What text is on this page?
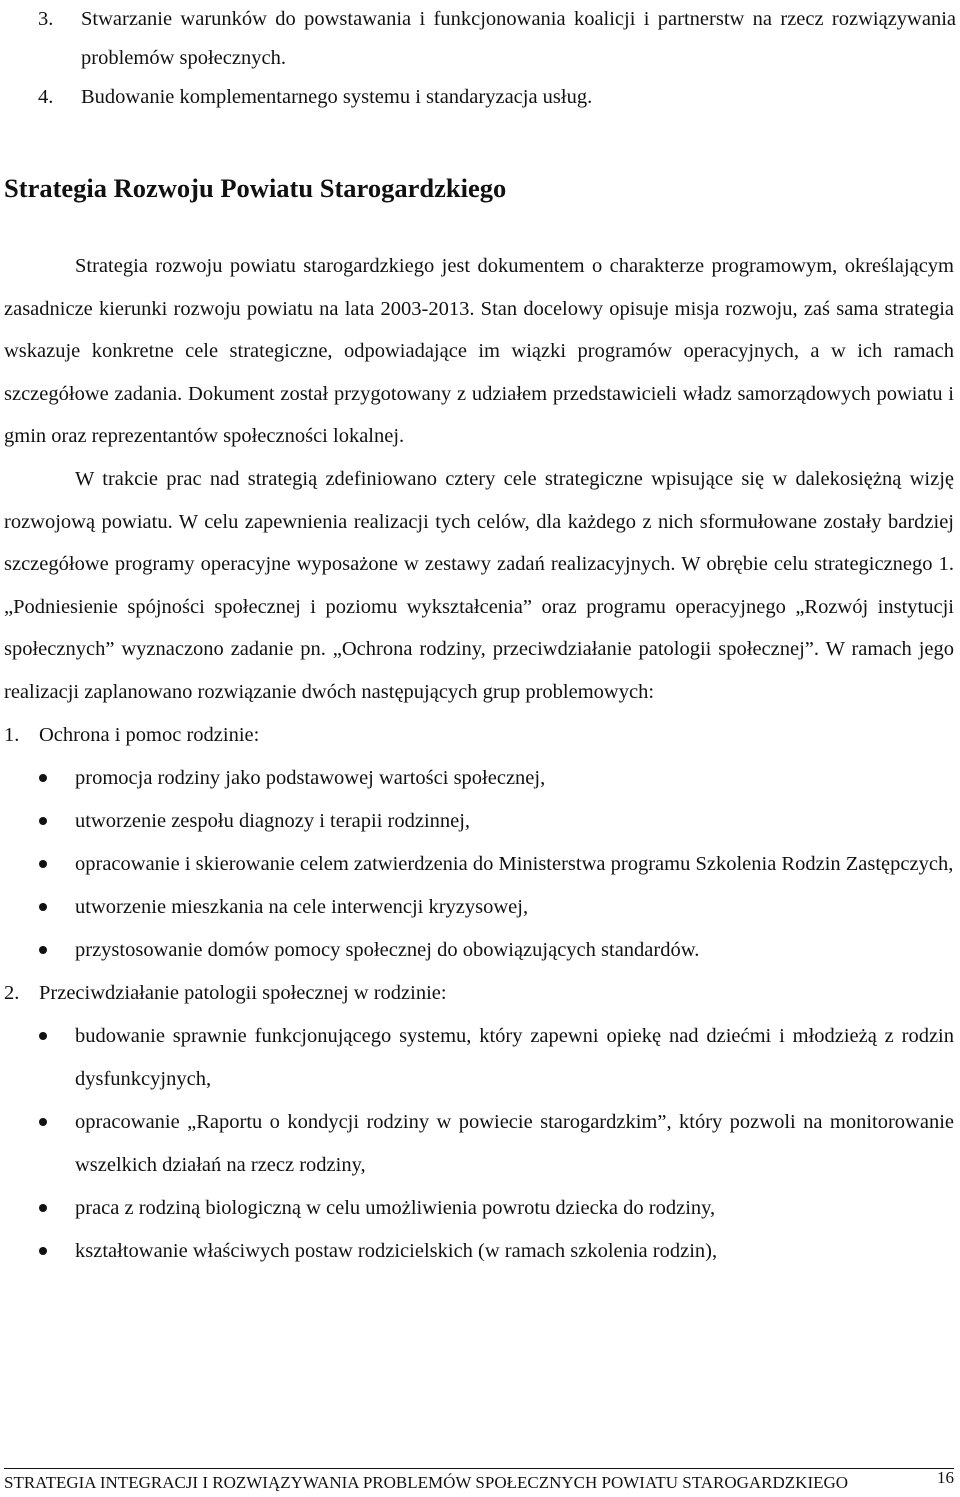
3. Stwarzanie warunków do powstawania i funkcjonowania koalicji i partnerstw na rzecz rozwiązywania problemów społecznych.
4. Budowanie komplementarnego systemu i standaryzacja usług.
Strategia Rozwoju Powiatu Starogardzkiego

Strategia rozwoju powiatu starogardzkiego jest dokumentem o charakterze programowym, określającym zasadnicze kierunki rozwoju powiatu na lata 2003-2013. Stan docelowy opisuje misja rozwoju, zaś sama strategia wskazuje konkretne cele strategiczne, odpowiadające im wiązki programów operacyjnych, a w ich ramach szczegółowe zadania. Dokument został przygotowany z udziałem przedstawicieli władz samorządowych powiatu i gmin oraz reprezentantów społeczności lokalnej.

W trakcie prac nad strategią zdefiniowano cztery cele strategiczne wpisujące się w dalekosiężną wizję rozwojową powiatu. W celu zapewnienia realizacji tych celów, dla każdego z nich sformułowane zostały bardziej szczegółowe programy operacyjne wyposażone w zestawy zadań realizacyjnych. W obrębie celu strategicznego 1. „Podniesienie spójności społecznej i poziomu wykształcenia” oraz programu operacyjnego „Rozwój instytucji społecznych” wyznaczono zadanie pn. „Ochrona rodziny, przeciwdziałanie patologii społecznej”. W ramach jego realizacji zaplanowano rozwiązanie dwóch następujących grup problemowych:

1. Ochrona i pomoc rodzinie:

promocja rodziny jako podstawowej wartości społecznej,
utworzenie zespołu diagnozy i terapii rodzinnej,
opracowanie i skierowanie celem zatwierdzenia do Ministerstwa programu Szkolenia Rodzin Zastępczych,
utworzenie mieszkania na cele interwencji kryzysowej,
przystosowanie domów pomocy społecznej do obowiązujących standardów.

2. Przeciwdziałanie patologii społecznej w rodzinie:

budowanie sprawnie funkcjonującego systemu, który zapewni opiekę nad dziećmi i młodzieżą z rodzin dysfunkcyjnych,
opracowanie „Raportu o kondycji rodziny w powiecie starogardzkim”, który pozwoli na monitorowanie wszelkich działań na rzecz rodziny,
praca z rodziną biologiczną w celu umożliwienia powrotu dziecka do rodziny,
kształtowanie właściwych postaw rodzicielskich (w ramach szkolenia rodzin),
STRATEGIA INTEGRACJI I ROZWIĄZYWANIA PROBLEMÓW SPOŁECZNYCH POWIATU STAROGARDZKIEGO	16
